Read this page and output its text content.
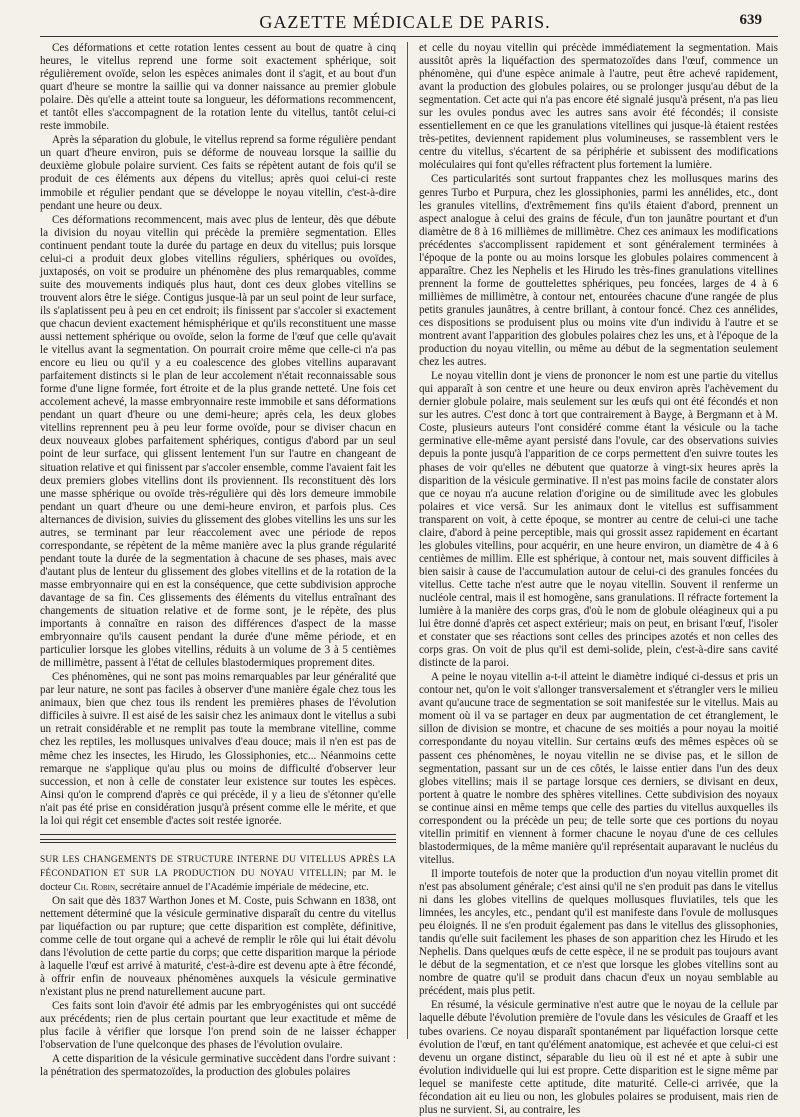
GAZETTE MÉDICALE DE PARIS.	639

Ces déformations et cette rotation lentes cessent au bout de quatre à cinq heures, le vitellus reprend une forme soit exactement sphérique, soit régulièrement ovoïde, selon les espèces animales dont il s'agit, et au bout d'un quart d'heure se montre la saillie qui va donner naissance au premier globule polaire. Dès qu'elle a atteint toute sa longueur, les déformations recommencent, et tantôt elles s'accompagnent de la rotation lente du vitellus, tantôt celui-ci reste immobile.

Après la séparation du globule, le vitellus reprend sa forme régulière pendant un quart d'heure environ, puis se déforme de nouveau lorsque la saillie du deuxième globule polaire survient. Ces faits se répètent autant de fois qu'il se produit de ces éléments aux dépens du vitellus; après quoi celui-ci reste immobile et régulier pendant que se développe le noyau vitellin, c'est-à-dire pendant une heure ou deux.

Ces déformations recommencent, mais avec plus de lenteur, dès que débute la division du noyau vitellin qui précède la première segmentation. Elles continuent pendant toute la durée du partage en deux du vitellus; puis lorsque celui-ci a produit deux globes vitellins réguliers, sphériques ou ovoïdes, juxtaposés, on voit se produire un phénomène des plus remarquables, comme suite des mouvements indiqués plus haut, dont ces deux globes vitellins se trouvent alors être le siége. Contigus jusque-là par un seul point de leur surface, ils s'aplatissent peu à peu en cet endroit; ils finissent par s'accoler si exactement que chacun devient exactement hémisphérique et qu'ils reconstituent une masse aussi nettement sphérique ou ovoïde, selon la forme de l'œuf que celle qu'avait le vitellus avant la segmentation. On pourrait croire même que celle-ci n'a pas encore eu lieu ou qu'il y a eu coalescence des globes vitellins auparavant parfaitement distincts si le plan de leur accolement n'était reconnaissable sous forme d'une ligne formée, fort étroite et de la plus grande netteté. Une fois cet accolement achevé, la masse embryonnaire reste immobile et sans déformations pendant un quart d'heure ou une demi-heure; après cela, les deux globes vitellins reprennent peu à peu leur forme ovoïde, pour se diviser chacun en deux nouveaux globes parfaitement sphériques, contigus d'abord par un seul point de leur surface, qui glissent lentement l'un sur l'autre en changeant de situation relative et qui finissent par s'accoler ensemble, comme l'avaient fait les deux premiers globes vitellins dont ils proviennent. Ils reconstituent dès lors une masse sphérique ou ovoïde très-régulière qui dès lors demeure immobile pendant un quart d'heure ou une demi-heure environ, et parfois plus. Ces alternances de division, suivies du glissement des globes vitellins les uns sur les autres, se terminant par leur réaccolement avec une période de repos correspondante, se répètent de la même manière avec la plus grande régularité pendant toute la durée de la segmentation à chacune de ses phases, mais avec d'autant plus de lenteur du glissement des globes vitellins et de la rotation de la masse embryonnaire qui en est la conséquence, que cette subdivision approche davantage de sa fin. Ces glissements des éléments du vitellus entraînant des changements de situation relative et de forme sont, je le répète, des plus importants à connaître en raison des différences d'aspect de la masse embryonnaire qu'ils causent pendant la durée d'une même période, et en particulier lorsque les globes vitellins, réduits à un volume de 3 à 5 centièmes de millimètre, passent à l'état de cellules blastodermiques proprement dites.

Ces phénomènes, qui ne sont pas moins remarquables par leur généralité que par leur nature, ne sont pas faciles à observer d'une manière égale chez tous les animaux, bien que chez tous ils rendent les premières phases de l'évolution difficiles à suivre. Il est aisé de les saisir chez les animaux dont le vitellus a subi un retrait considérable et ne remplit pas toute la membrane vitelline, comme chez les reptiles, les mollusques univalves d'eau douce; mais il n'en est pas de même chez les insectes, les Hirudo, les Glossiphonies, etc... Néanmoins cette remarque ne s'applique qu'au plus ou moins de difficulté d'observer leur succession, et non à celle de constater leur existence sur toutes les espèces. Ainsi qu'on le comprend d'après ce qui précède, il y a lieu de s'étonner qu'elle n'ait pas été prise en considération jusqu'à présent comme elle le mérite, et que la loi qui régit cet ensemble d'actes soit restée ignorée.

SUR LES CHANGEMENTS DE STRUCTURE INTERNE DU VITELLUS APRÈS LA FÉCONDATION ET SUR LA PRODUCTION DU NOYAU VITELLIN; par M. le docteur Ch. Robin, secrétaire annuel de l'Académie impériale de médecine, etc.

On sait que dès 1837 Warthon Jones et M. Coste, puis Schwann en 1838, ont nettement déterminé que la vésicule germinative disparaît du centre du vitellus par liquéfaction ou par rupture; que cette disparition est complète, définitive, comme celle de tout organe qui a achevé de remplir le rôle qui lui était dévolu dans l'évolution de cette partie du corps; que cette disparition marque la période à laquelle l'œuf est arrivé à maturité, c'est-à-dire est devenu apte à être fécondé, à offrir enfin de nouveaux phénomènes auxquels la vésicule germinative n'existant plus ne prend naturellement aucune part.

Ces faits sont loin d'avoir été admis par les embryogénistes qui ont succédé aux précédents; rien de plus certain pourtant que leur exactitude et même de plus facile à vérifier que lorsque l'on prend soin de ne laisser échapper l'observation de l'une quelconque des phases de l'évolution ovulaire.

A cette disparition de la vésicule germinative succèdent dans l'ordre suivant : la pénétration des spermatozoïdes, la production des globules polaires

et celle du noyau vitellin qui précède immédiatement la segmentation. Mais aussitôt après la liquéfaction des spermatozoïdes dans l'œuf, commence un phénomène, qui d'une espèce animale à l'autre, peut être achevé rapidement, avant la production des globules polaires, ou se prolonger jusqu'au début de la segmentation. Cet acte qui n'a pas encore été signalé jusqu'à présent, n'a pas lieu sur les ovules pondus avec les autres sans avoir été fécondés; il consiste essentiellement en ce que les granulations vitellines qui jusque-là étaient restées très-petites, deviennent rapidement plus volumineuses, se rassemblent vers le centre du vitellus, s'écartent de sa périphérie et subissent des modifications moléculaires qui font qu'elles réfractent plus fortement la lumière.

Ces particularités sont surtout frappantes chez les mollusques marins des genres Turbo et Purpura, chez les glossiphonies, parmi les annélides, etc., dont les granules vitellins, d'extrêmement fins qu'ils étaient d'abord, prennent un aspect analogue à celui des grains de fécule, d'un ton jaunâtre pourtant et d'un diamètre de 8 à 16 millièmes de millimètre. Chez ces animaux les modifications précédentes s'accomplissent rapidement et sont généralement terminées à l'époque de la ponte ou au moins lorsque les globules polaires commencent à apparaître. Chez les Nephelis et les Hirudo les très-fines granulations vitellines prennent la forme de gouttelettes sphériques, peu foncées, larges de 4 à 6 millièmes de millimètre, à contour net, entourées chacune d'une rangée de plus petits granules jaunâtres, à centre brillant, à contour foncé. Chez ces annélides, ces dispositions se produisent plus ou moins vite d'un individu à l'autre et se montrent avant l'apparition des globules polaires chez les uns, et à l'époque de la production du noyau vitellin, ou même au début de la segmentation seulement chez les autres.

Le noyau vitellin dont je viens de prononcer le nom est une partie du vitellus qui apparaît à son centre et une heure ou deux environ après l'achèvement du dernier globule polaire, mais seulement sur les œufs qui ont été fécondés et non sur les autres. C'est donc à tort que contrairement à Bayge, à Bergmann et à M. Coste, plusieurs auteurs l'ont considéré comme étant la vésicule ou la tache germinative elle-même ayant persisté dans l'ovule, car des observations suivies depuis la ponte jusqu'à l'apparition de ce corps permettent d'en suivre toutes les phases de voir qu'elles ne débutent que quatorze à vingt-six heures après la disparition de la vésicule germinative. Il n'est pas moins facile de constater alors que ce noyau n'a aucune relation d'origine ou de similitude avec les globules polaires et vice versâ. Sur les animaux dont le vitellus est suffisamment transparent on voit, à cette époque, se montrer au centre de celui-ci une tache claire, d'abord à peine perceptible, mais qui grossit assez rapidement en écartant les globules vitellins, pour acquérir, en une heure environ, un diamètre de 4 à 6 centièmes de millim. Elle est sphérique, à contour net, mais souvent difficiles à bien saisir à cause de l'accumulation autour de celui-ci des granules foncées du vitellus. Cette tache n'est autre que le noyau vitellin. Souvent il renferme un nucléole central, mais il est homogène, sans granulations. Il réfracte fortement la lumière à la manière des corps gras, d'où le nom de globule oléagineux qui a pu lui être donné d'après cet aspect extérieur; mais on peut, en brisant l'œuf, l'isoler et constater que ses réactions sont celles des principes azotés et non celles des corps gras. On voit de plus qu'il est demi-solide, plein, c'est-à-dire sans cavité distincte de la paroi.

A peine le noyau vitellin a-t-il atteint le diamètre indiqué ci-dessus et pris un contour net, qu'on le voit s'allonger transversalement et s'étrangler vers le milieu avant qu'aucune trace de segmentation se soit manifestée sur le vitellus. Mais au moment où il va se partager en deux par augmentation de cet étranglement, le sillon de division se montre, et chacune de ses moitiés a pour noyau la moitié correspondante du noyau vitellin. Sur certains œufs des mêmes espèces où se passent ces phénomènes, le noyau vitellin ne se divise pas, et le sillon de segmentation, passant sur un de ces côtés, le laisse entier dans l'un des deux globes vitellins; mais il se partage lorsque ces derniers, se divisant en deux, portent à quatre le nombre des sphères vitellines. Cette subdivision des noyaux se continue ainsi en même temps que celle des parties du vitellus auxquelles ils correspondent ou la précède un peu; de telle sorte que ces portions du noyau vitellin primitif en viennent à former chacune le noyau d'une de ces cellules blastodermiques, de la même manière qu'il représentait auparavant le nucléus du vitellus.

Il importe toutefois de noter que la production d'un noyau vitellin promet dit n'est pas absolument générale; c'est ainsi qu'il ne s'en produit pas dans le vitellus ni dans les globes vitellins de quelques mollusques fluviatiles, tels que les limnées, les ancyles, etc., pendant qu'il est manifeste dans l'ovule de mollusques peu éloignés. Il ne s'en produit également pas dans le vitellus des glissophonies, tandis qu'elle suit facilement les phases de son apparition chez les Hirudo et les Nephelis. Dans quelques œufs de cette espèce, il ne se produit pas toujours avant le début de la segmentation, et ce n'est que lorsque les globes vitellins sont au nombre de quatre qu'il se produit dans chacun d'eux un noyau semblable au précédent, mais plus petit.

En résumé, la vésicule germinative n'est autre que le noyau de la cellule par laquelle débute l'évolution première de l'ovule dans les vésicules de Graaff et les tubes ovariens. Ce noyau disparaît spontanément par liquéfaction lorsque cette évolution de l'œuf, en tant qu'élément anatomique, est achevée et que celui-ci est devenu un organe distinct, séparable du lieu où il est né et apte à subir une évolution individuelle qui lui est propre. Cette disparition est le signe même par lequel se manifeste cette aptitude, dite maturité. Celle-ci arrivée, que la fécondation ait eu lieu ou non, les globules polaires se produisent, mais rien de plus ne survient. Si, au contraire, les
